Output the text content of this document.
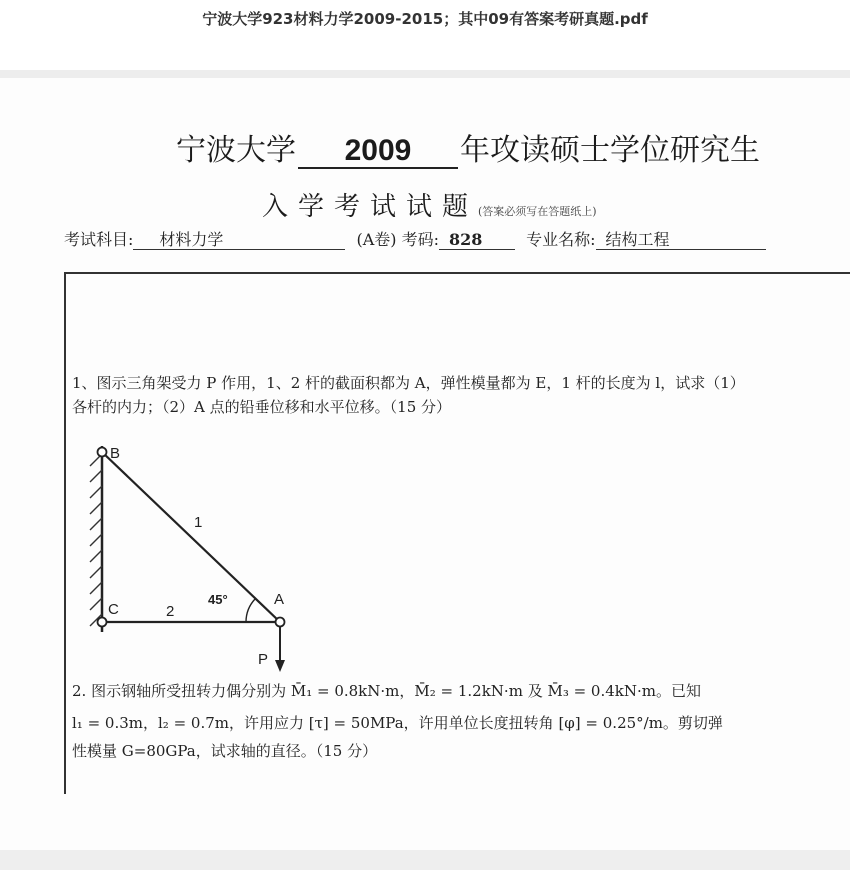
宁波大学923材料力学2009-2015；其中09有答案考研真题.pdf
宁波大学 2009 年攻读硕士学位研究生
入学考试试题(答案必须写在答题纸上)
考试科目: 材料力学	(A卷) 考码: 828	专业名称: 结构工程
1、图示三角架受力 P 作用，1、2 杆的截面积都为 A，弹性模量都为 E，1 杆的长度为 l，试求（1）
各杆的内力；（2）A 点的铅垂位移和水平位移。（15 分）
B
C
A
P
1
2
45°
2. 图示钢轴所受扭转力偶分别为 M̄₁ = 0.8kN·m，M̄₂ = 1.2kN·m 及 M̄₃ = 0.4kN·m。已知
l₁ = 0.3m，l₂ = 0.7m，许用应力 [τ] = 50MPa，许用单位长度扭转角 [φ] = 0.25°/m。剪切弹
性模量 G=80GPa，试求轴的直径。（15 分）
